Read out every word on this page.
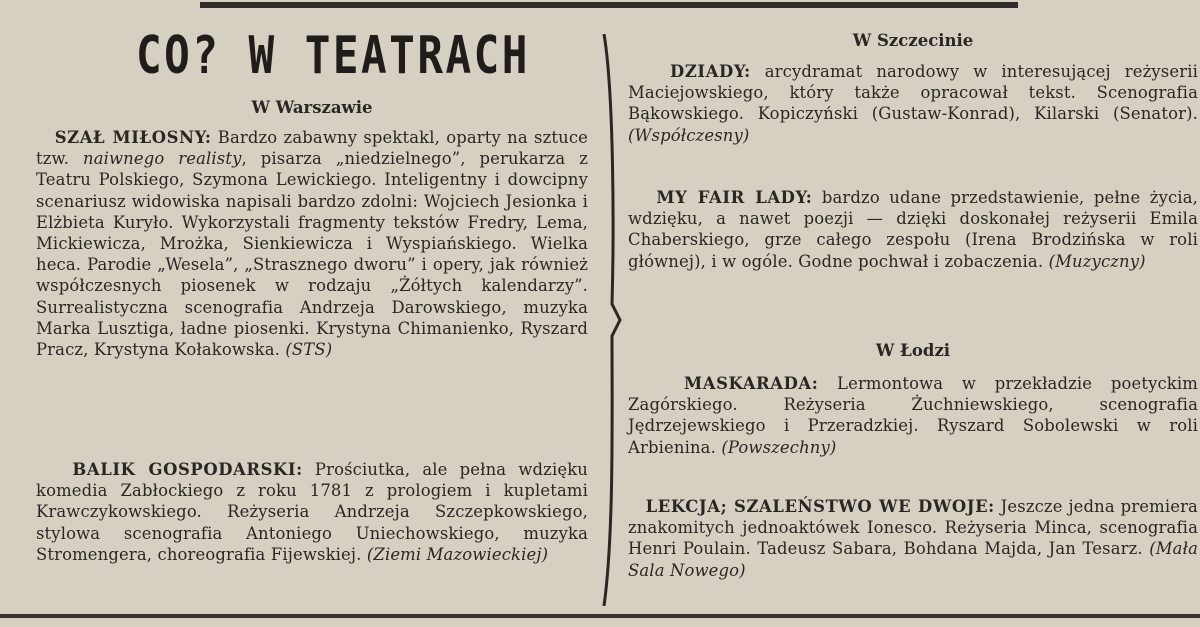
CO? W TEATRACH
W Warszawie

SZAŁ MIŁOSNY: Bardzo zabawny spektakl, oparty na sztuce tzw. naiwnego realisty, pisarza „niedzielnego”, perukarza z Teatru Polskiego, Szymona Lewickiego. Inteligentny i dowcipny scenariusz widowiska napisali bardzo zdolni: Wojciech Jesionka i Elżbieta Kuryło. Wykorzystali fragmenty tekstów Fredry, Lema, Mickiewicza, Mrożka, Sienkiewicza i Wyspiańskiego. Wielka heca. Parodie „Wesela”, „Strasznego dworu” i opery, jak również współczesnych piosenek w rodzaju „Żółtych kalendarzy”. Surrealistyczna scenografia Andrzeja Darowskiego, muzyka Marka Lusztiga, ładne piosenki. Krystyna Chimanienko, Ryszard Pracz, Krystyna Kołakowska. (STS)

BALIK GOSPODARSKI: Prościutka, ale pełna wdzięku komedia Zabłockiego z roku 1781 z prologiem i kupletami Krawczykowskiego. Reżyseria Andrzeja Szczepkowskiego, stylowa scenografia Antoniego Uniechowskiego, muzyka Stromengera, choreografia Fijewskiej. (Ziemi Mazowieckiej)

W Szczecinie

DZIADY: arcydramat narodowy w interesującej reżyserii Maciejowskiego, który także opracował tekst. Scenografia Bąkowskiego. Kopiczyński (Gustaw-Konrad), Kilarski (Senator). (Współczesny)

MY FAIR LADY: bardzo udane przedstawienie, pełne życia, wdzięku, a nawet poezji — dzięki doskonałej reżyserii Emila Chaberskiego, grze całego zespołu (Irena Brodzińska w roli głównej), i w ogóle. Godne pochwał i zobaczenia. (Muzyczny)

W Łodzi

MASKARADA: Lermontowa w przekładzie poetyckim Zagórskiego. Reżyseria Żuchniewskiego, scenografia Jędrzejewskiego i Przeradzkiej. Ryszard Sobolewski w roli Arbienina. (Powszechny)

LEKCJA; SZALEŃSTWO WE DWOJE: Jeszcze jedna premiera znakomitych jednoaktówek Ionesco. Reżyseria Minca, scenografia Henri Poulain. Tadeusz Sabara, Bohdana Majda, Jan Tesarz. (Mała Sala Nowego)
